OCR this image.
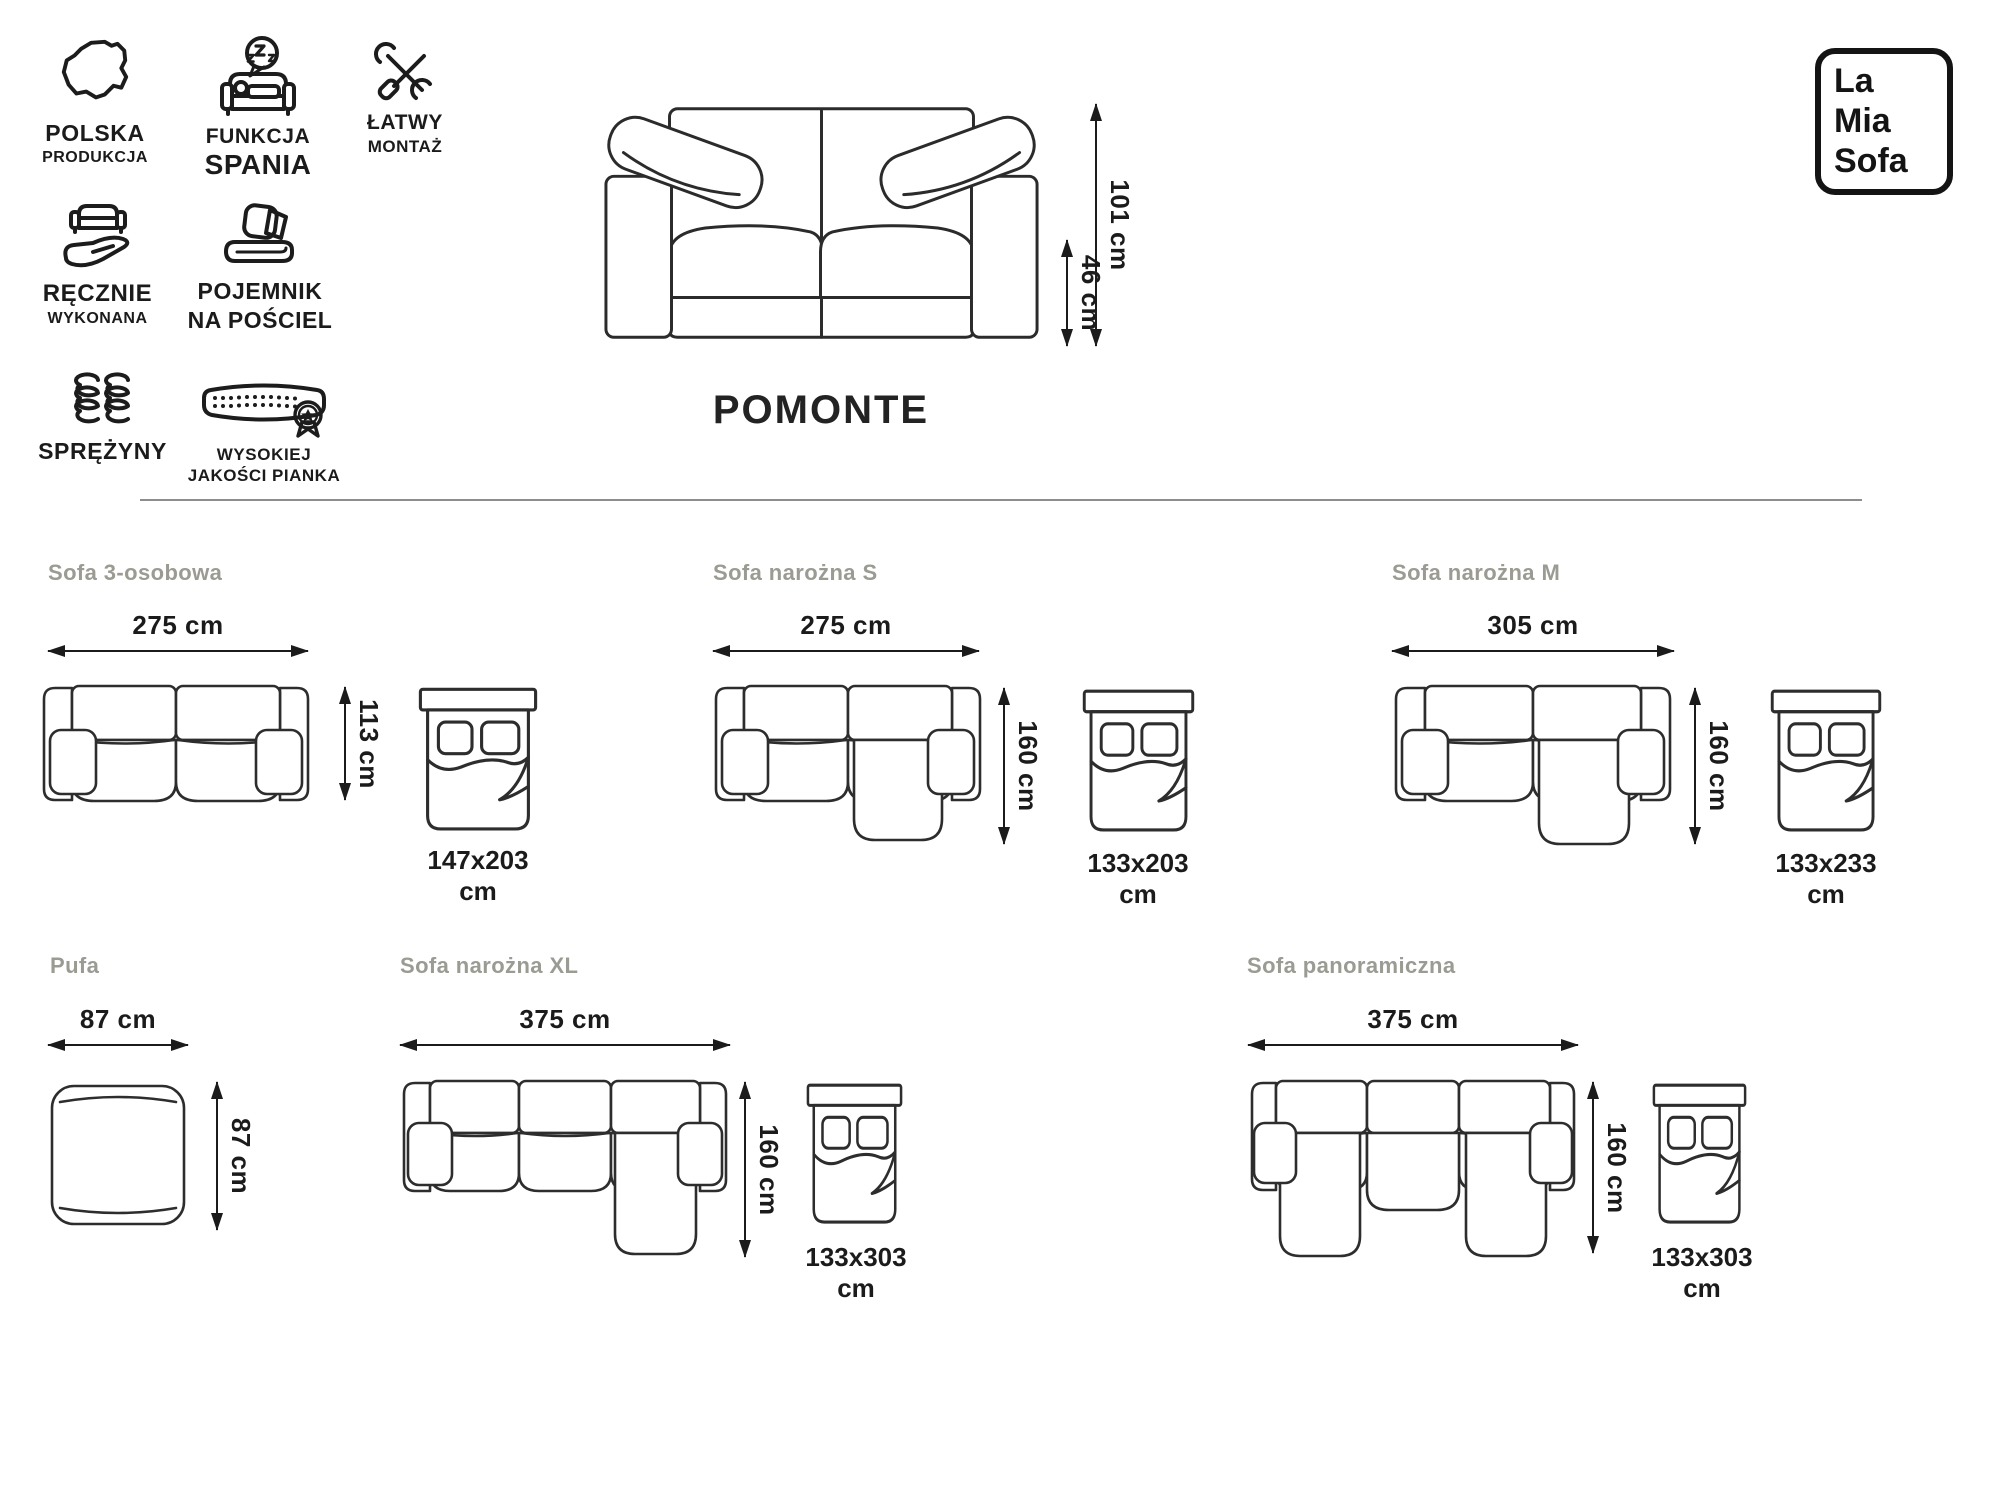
POLSKA
PRODUKCJA
FUNKCJA
SPANIA
ŁATWY
MONTAŻ
RĘCZNIE
WYKONANA
POJEMNIK
NA POŚCIEL
SPRĘŻYNY	WYSOKIEJ
JAKOŚCI PIANKA
46 cm
101 cm
POMONTE
La
Mia
Sofa
Sofa 3-osobowa
275 cm
113 cm
147x203 cm
Sofa narożna S
275 cm
160 cm
133x203 cm
Sofa narożna M
305 cm
160 cm
133x233 cm
Pufa
87 cm
87 cm
Sofa narożna XL
375 cm
160 cm
133x303 cm
Sofa panoramiczna
375 cm
160 cm
133x303 cm
